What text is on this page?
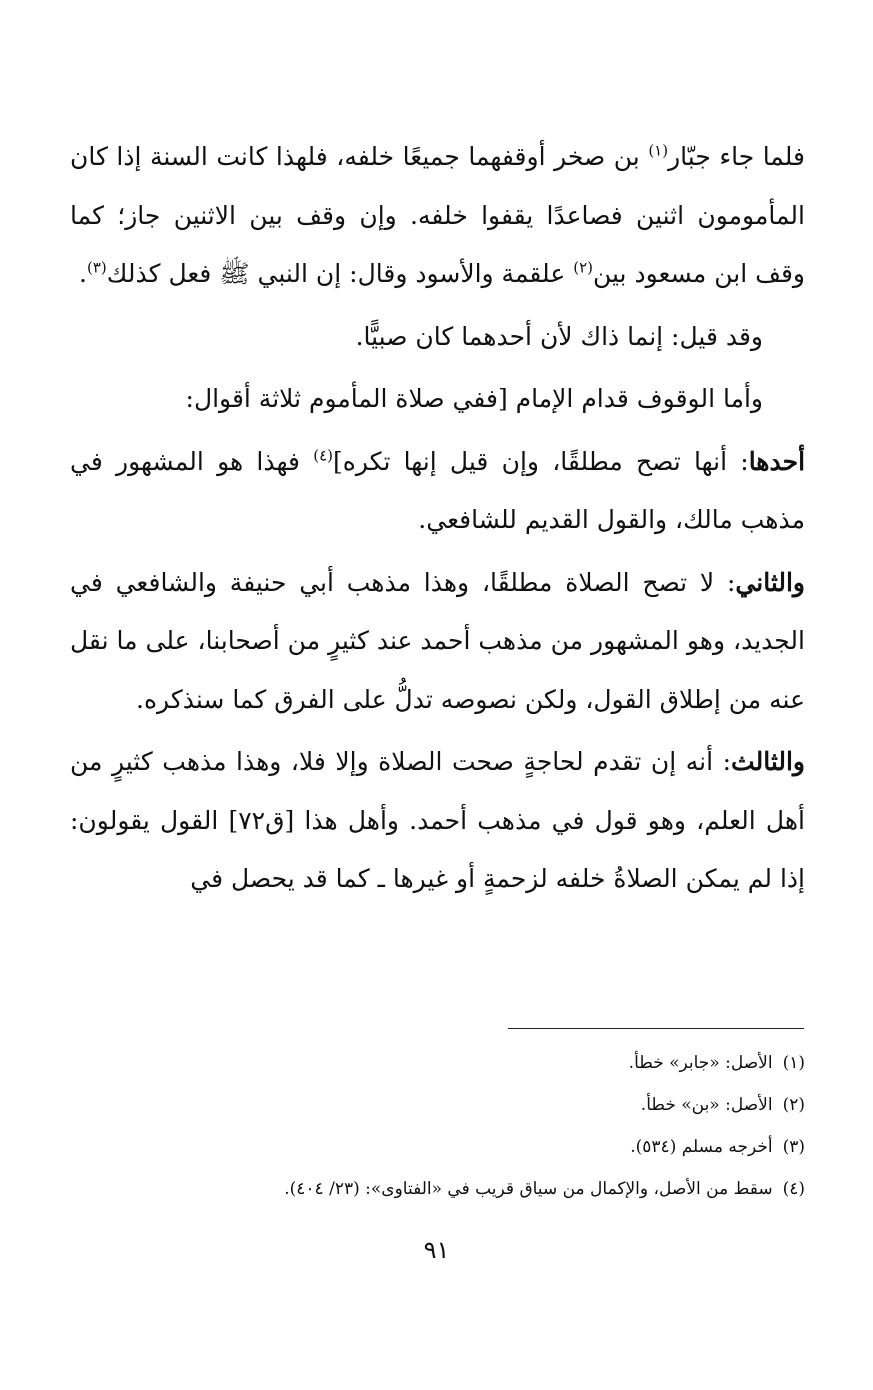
فلما جاء جبّار$^{(١)}$ بن صخر أوقفهما جميعًا خلفه، فلهذا كانت السنة إذا كان المأمومون اثنين فصاعدًا يقفوا خلفه. وإن وقف بين الاثنين جاز؛ كما وقف ابن مسعود بين$^{(٢)}$ علقمة والأسود وقال: إن النبي ﷺ فعل كذلك$^{(٣)}$.

وقد قيل: إنما ذاك لأن أحدهما كان صبيًّا.

وأما الوقوف قدام الإمام [ففي صلاة المأموم ثلاثة أقوال:

أحدها: أنها تصح مطلقًا، وإن قيل إنها تكره]$^{(٤)}$ فهذا هو المشهور في مذهب مالك، والقول القديم للشافعي.

والثاني: لا تصح الصلاة مطلقًا، وهذا مذهب أبي حنيفة والشافعي في الجديد، وهو المشهور من مذهب أحمد عند كثيرٍ من أصحابنا، على ما نقل عنه من إطلاق القول، ولكن نصوصه تدلُّ على الفرق كما سنذكره.

والثالث: أنه إن تقدم لحاجةٍ صحت الصلاة وإلا فلا، وهذا مذهب كثيرٍ من أهل العلم، وهو قول في مذهب أحمد. وأهل هذا [ق٧٢] القول يقولون: إذا لم يمكن الصلاةُ خلفه لزحمةٍ أو غيرها ـ كما قد يحصل في

(١)الأصل: «جابر» خطأ.
(٢)الأصل: «بن» خطأ.
(٣)أخرجه مسلم (٥٣٤).
(٤)سقط من الأصل، والإكمال من سياق قريب في «الفتاوى»: (٢٣/ ٤٠٤).
٩١
